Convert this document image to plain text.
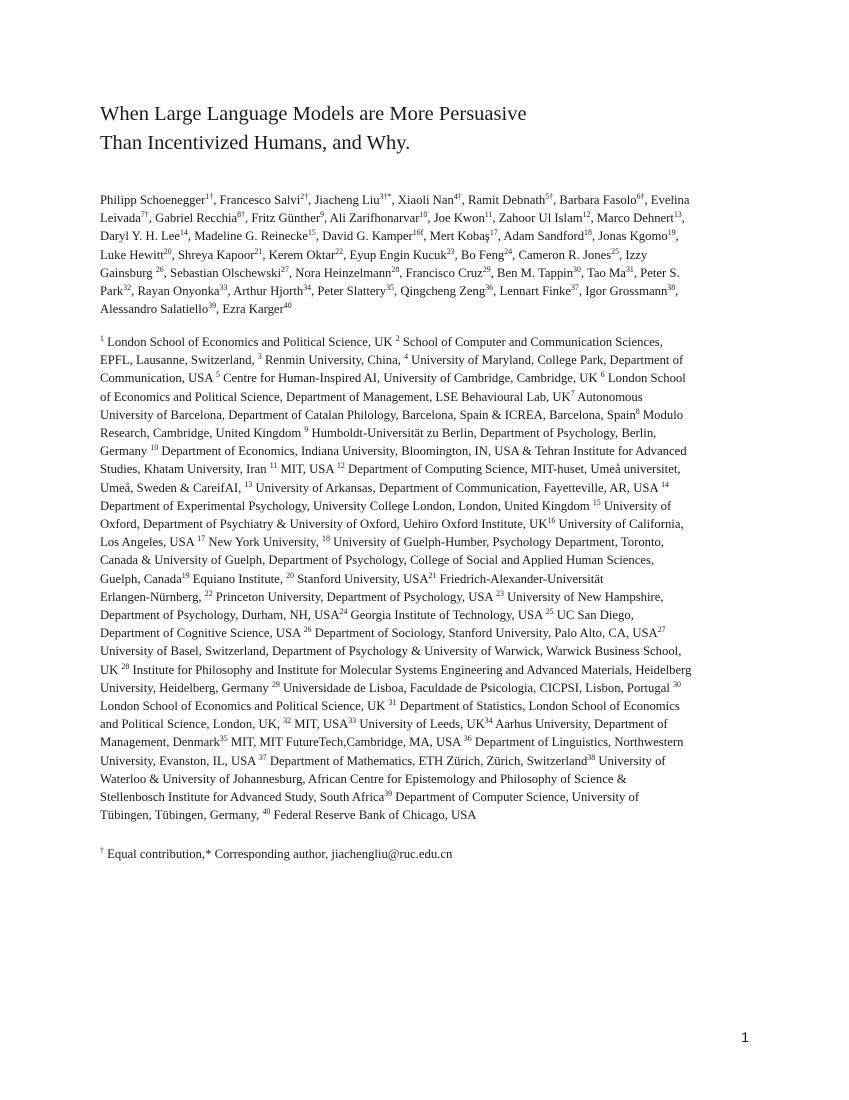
When Large Language Models are More Persuasive
Than Incentivized Humans, and Why.
Philipp Schoenegger$^{1\dagger}$, Francesco Salvi$^{2\dagger}$, Jiacheng Liu$^{3\dagger*}$, Xiaoli Nan$^{4\dagger}$, Ramit Debnath$^{5\dagger}$, Barbara Fasolo$^{6\dagger}$, Evelina
Leivada$^{7\dagger}$, Gabriel Recchia$^{8\dagger}$, Fritz Günther$^9$, Ali Zarifhonarvar$^{10}$, Joe Kwon$^{11}$, Zahoor Ul Islam$^{12}$, Marco Dehnert$^{13}$,
Daryl Y. H. Lee$^{14}$, Madeline G. Reinecke$^{15}$, David G. Kamper$^{16f}$, Mert Kobaş$^{17}$, Adam Sandford$^{18}$, Jonas Kgomo$^{19}$,
Luke Hewitt$^{20}$, Shreya Kapoor$^{21}$, Kerem Oktar$^{22}$, Eyup Engin Kucuk$^{23}$, Bo Feng$^{24}$, Cameron R. Jones$^{25}$, Izzy
Gainsburg $^{26}$, Sebastian Olschewski$^{27}$, Nora Heinzelmann$^{28}$, Francisco Cruz$^{29}$, Ben M. Tappin$^{30}$, Tao Ma$^{31}$, Peter S.
Park$^{32}$, Rayan Onyonka$^{33}$, Arthur Hjorth$^{34}$, Peter Slattery$^{35}$, Qingcheng Zeng$^{36}$, Lennart Finke$^{37}$, Igor Grossmann$^{38}$,
Alessandro Salatiello$^{39}$, Ezra Karger$^{40}$
$^1$ London School of Economics and Political Science, UK $^2$ School of Computer and Communication Sciences,
EPFL, Lausanne, Switzerland, $^3$ Renmin University, China, $^4$ University of Maryland, College Park, Department of
Communication, USA $^5$ Centre for Human-Inspired AI, University of Cambridge, Cambridge, UK $^6$ London School
of Economics and Political Science, Department of Management, LSE Behavioural Lab, $UK^7$ Autonomous
University of Barcelona, Department of Catalan Philology, Barcelona, Spain & ICREA, Barcelona, Spain$^8$ Modulo
Research, Cambridge, United Kingdom $^9$ Humboldt-Universität zu Berlin, Department of Psychology, Berlin,
Germany $^{10}$ Department of Economics, Indiana University, Bloomington, IN, USA & Tehran Institute for Advanced
Studies, Khatam University, Iran $^{11}$ MIT, USA $^{12}$ Department of Computing Science, MIT-huset, Umeå universitet,
Umeå, Sweden & CareifAI, $^{13}$ University of Arkansas, Department of Communication, Fayetteville, AR, USA $^{14}$
Department of Experimental Psychology, University College London, London, United Kingdom $^{15}$ University of
Oxford, Department of Psychiatry & University of Oxford, Uehiro Oxford Institute, UK$^{16}$ University of California,
Los Angeles, USA $^{17}$ New York University, $^{18}$ University of Guelph-Humber, Psychology Department, Toronto,
Canada & University of Guelph, Department of Psychology, College of Social and Applied Human Sciences,
Guelph, Canada$^{19}$ Equiano Institute, $^{20}$ Stanford University, USA$^{21}$ Friedrich-Alexander-Universität
Erlangen-Nürnberg, $^{22}$ Princeton University, Department of Psychology, USA $^{23}$ University of New Hampshire,
Department of Psychology, Durham, NH, USA$^{24}$ Georgia Institute of Technology, USA $^{25}$ UC San Diego,
Department of Cognitive Science, USA $^{26}$ Department of Sociology, Stanford University, Palo Alto, CA, USA$^{27}$
University of Basel, Switzerland, Department of Psychology & University of Warwick, Warwick Business School,
UK $^{28}$ Institute for Philosophy and Institute for Molecular Systems Engineering and Advanced Materials, Heidelberg
University, Heidelberg, Germany $^{29}$ Universidade de Lisboa, Faculdade de Psicologia, CICPSI, Lisbon, Portugal $^{30}$
London School of Economics and Political Science, UK $^{31}$ Department of Statistics, London School of Economics
and Political Science, London, UK, $^{32}$ MIT, USA$^{33}$ University of Leeds, UK$^{34}$ Aarhus University, Department of
Management, Denmark$^{35}$ MIT, MIT FutureTech,Cambridge, MA, USA $^{36}$ Department of Linguistics, Northwestern
University, Evanston, IL, USA $^{37}$ Department of Mathematics, ETH Zürich, Zürich, Switzerland$^{38}$ University of
Waterloo & University of Johannesburg, African Centre for Epistemology and Philosophy of Science &
Stellenbosch Institute for Advanced Study, South Africa$^{39}$ Department of Computer Science, University of
Tübingen, Tübingen, Germany, $^{40}$ Federal Reserve Bank of Chicago, USA
† Equal contribution,* Corresponding author, jiachengliu@ruc.edu.cn
1
